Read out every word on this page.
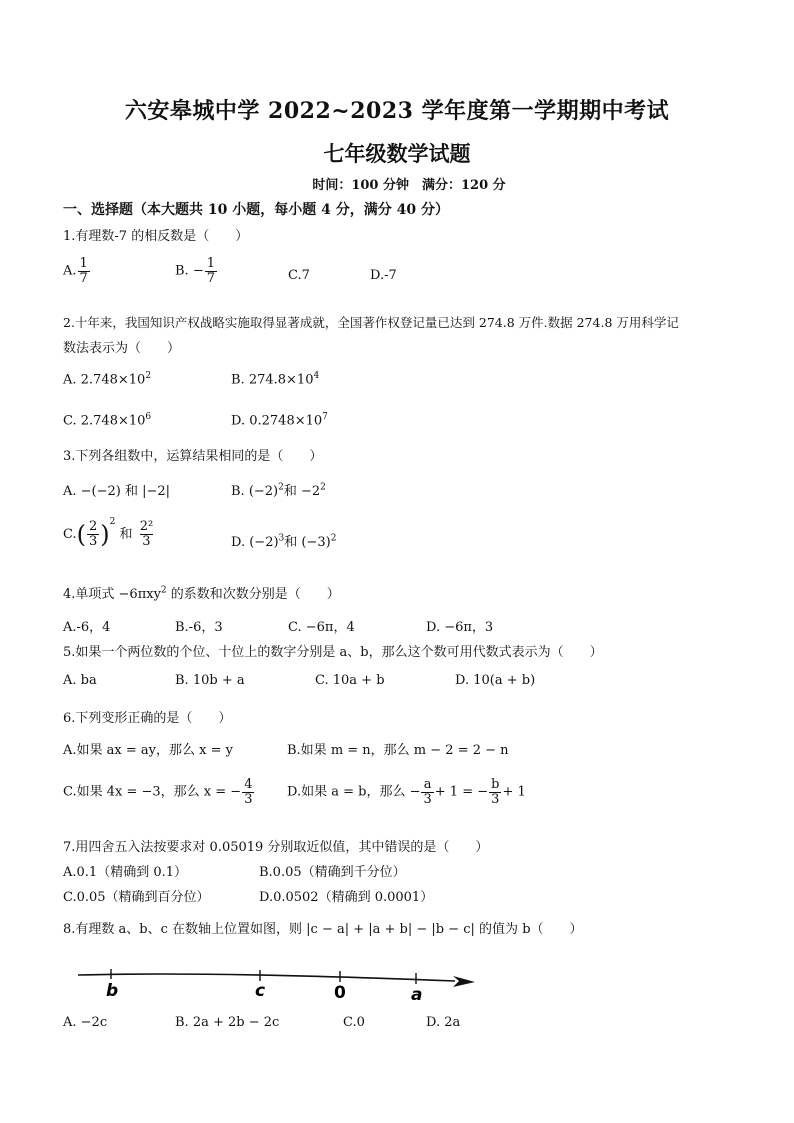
六安皋城中学 2022~2023 学年度第一学期期中考试
七年级数学试题
时间：100 分钟　满分：120 分
一、选择题（本大题共 10 小题，每小题 4 分，满分 40 分）
1.有理数-7 的相反数是（　　）
A. $\frac{1}{7}$	B. − $\frac{1}{7}$	C.7	D.-7
2.十年来，我国知识产权战略实施取得显著成就，全国著作权登记量已达到 274.8 万件.数据 274.8 万用科学记
数法表示为（　　）
A. $2.748\times 10^2$	B. $274.8\times 10^4$
C. $2.748\times 10^6$	D. $0.2748\times 10^7$
3.下列各组数中，运算结果相同的是（　　）
A. −(−2) 和 |−2|	B. $(-2)^2$和 $-2^2$
$C.( \frac{2}{3} )^2$ 和 $\frac{\text{2²}}{3}$	D. $(-2)^3$和 $(-3)^2$
4.单项式 −6πxy$^2$ 的系数和次数分别是（　　）
A.-6，4	B.-6，3	C. −6π，4	D. −6π，3
5.如果一个两位数的个位、十位上的数字分别是 a、b，那么这个数可用代数式表示为（　　）
A. ba	B. 10b + a	C. 10a + b	D. 10(a + b)
6.下列变形正确的是（　　）
A.如果 ax = ay，那么 x = y	B.如果 m = n，那么 m − 2 = 2 − n
C.如果 4x = −3，那么 x = − $\frac{4}{3}$	D.如果 a = b，那么 − $\frac{a}{3} + 1$ = − $\frac{b}{3} + 1$
7.用四舍五入法按要求对 0.05019 分别取近似值，其中错误的是（　　）
A.0.1（精确到 0.1）	B.0.05（精确到千分位）
C.0.05（精确到百分位）	D.0.0502（精确到 0.0001）
8.有理数 a、b、c 在数轴上位置如图，则 |c − a| + |a + b| − |b − c| 的值为 b（　　）
b	c	0	a
A. −2c	B. 2a + 2b − 2c	C.0	D. 2a
